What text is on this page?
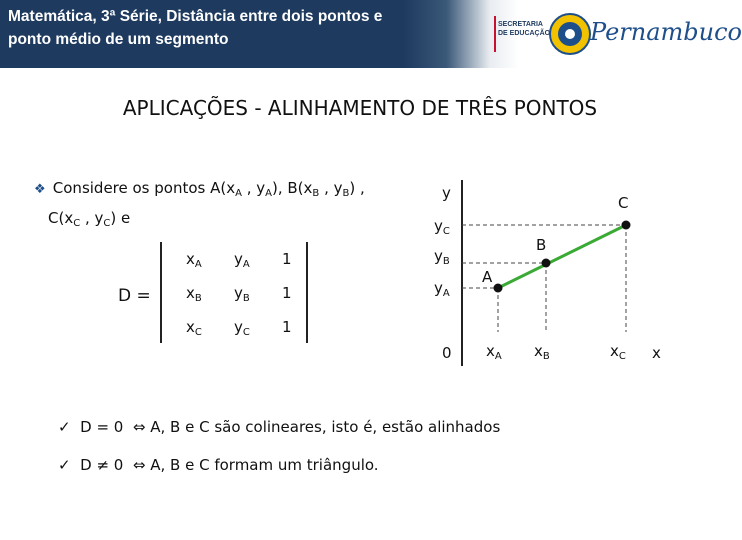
Matemática, 3ª Série, Distância entre dois pontos e
ponto médio de um segmento
SECRETARIA
DE EDUCAÇÃO Pernambuco
APLICAÇÕES - ALINHAMENTO DE TRÊS PONTOS
❖ Considere os pontos $A(x_A$ , $y_A$), $B(x_B$ , $y_B$) ,
$C(x_C$ , $y_C$) e
D =
$x_A$ $y_A$ 1
$x_B$ $y_B$ 1
$x_C$ $y_C$ 1
y
$y_C$
$y_B$
$y_A$
0 $x_A$ $x_B$	$x_C$ x
A
B
C
✓ D = 0 ⇔ A, B e C são colineares, isto é, estão alinhados
✓ D ≠ 0 ⇔ A, B e C formam um triângulo.
